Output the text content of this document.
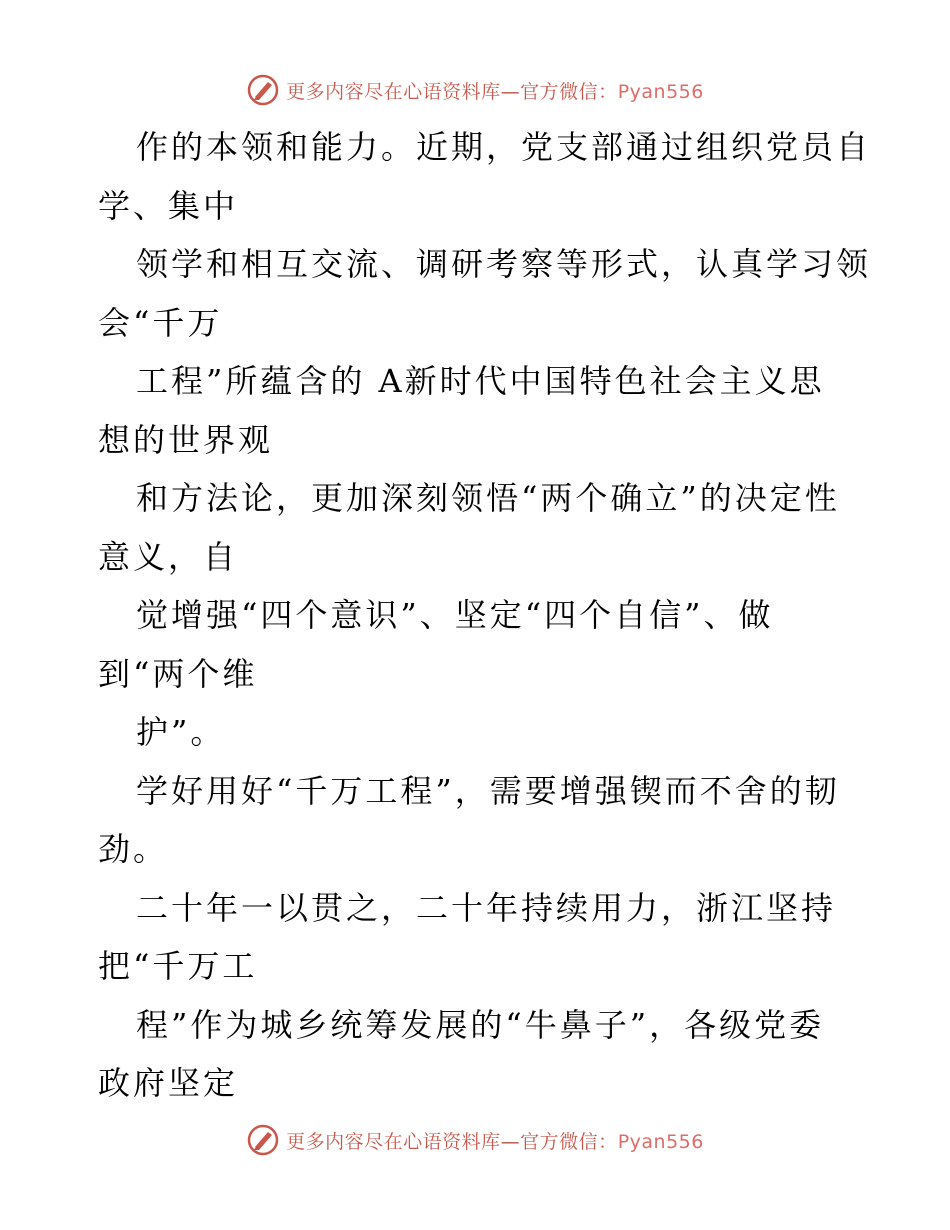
更多内容尽在心语资料库—官方微信：Pyan556
作的本领和能力。近期，党支部通过组织党员自
学、集中
领学和相互交流、调研考察等形式，认真学习领
会“千万
工程”所蕴含的 A新时代中国特色社会主义思
想的世界观
和方法论，更加深刻领悟“两个确立”的决定性
意义，自
觉增强“四个意识”、坚定“四个自信”、做
到“两个维
护”。
学好用好“千万工程”，需要增强锲而不舍的韧
劲。
二十年一以贯之，二十年持续用力，浙江坚持
把“千万工
程”作为城乡统筹发展的“牛鼻子”，各级党委
政府坚定
更多内容尽在心语资料库—官方微信：Pyan556
